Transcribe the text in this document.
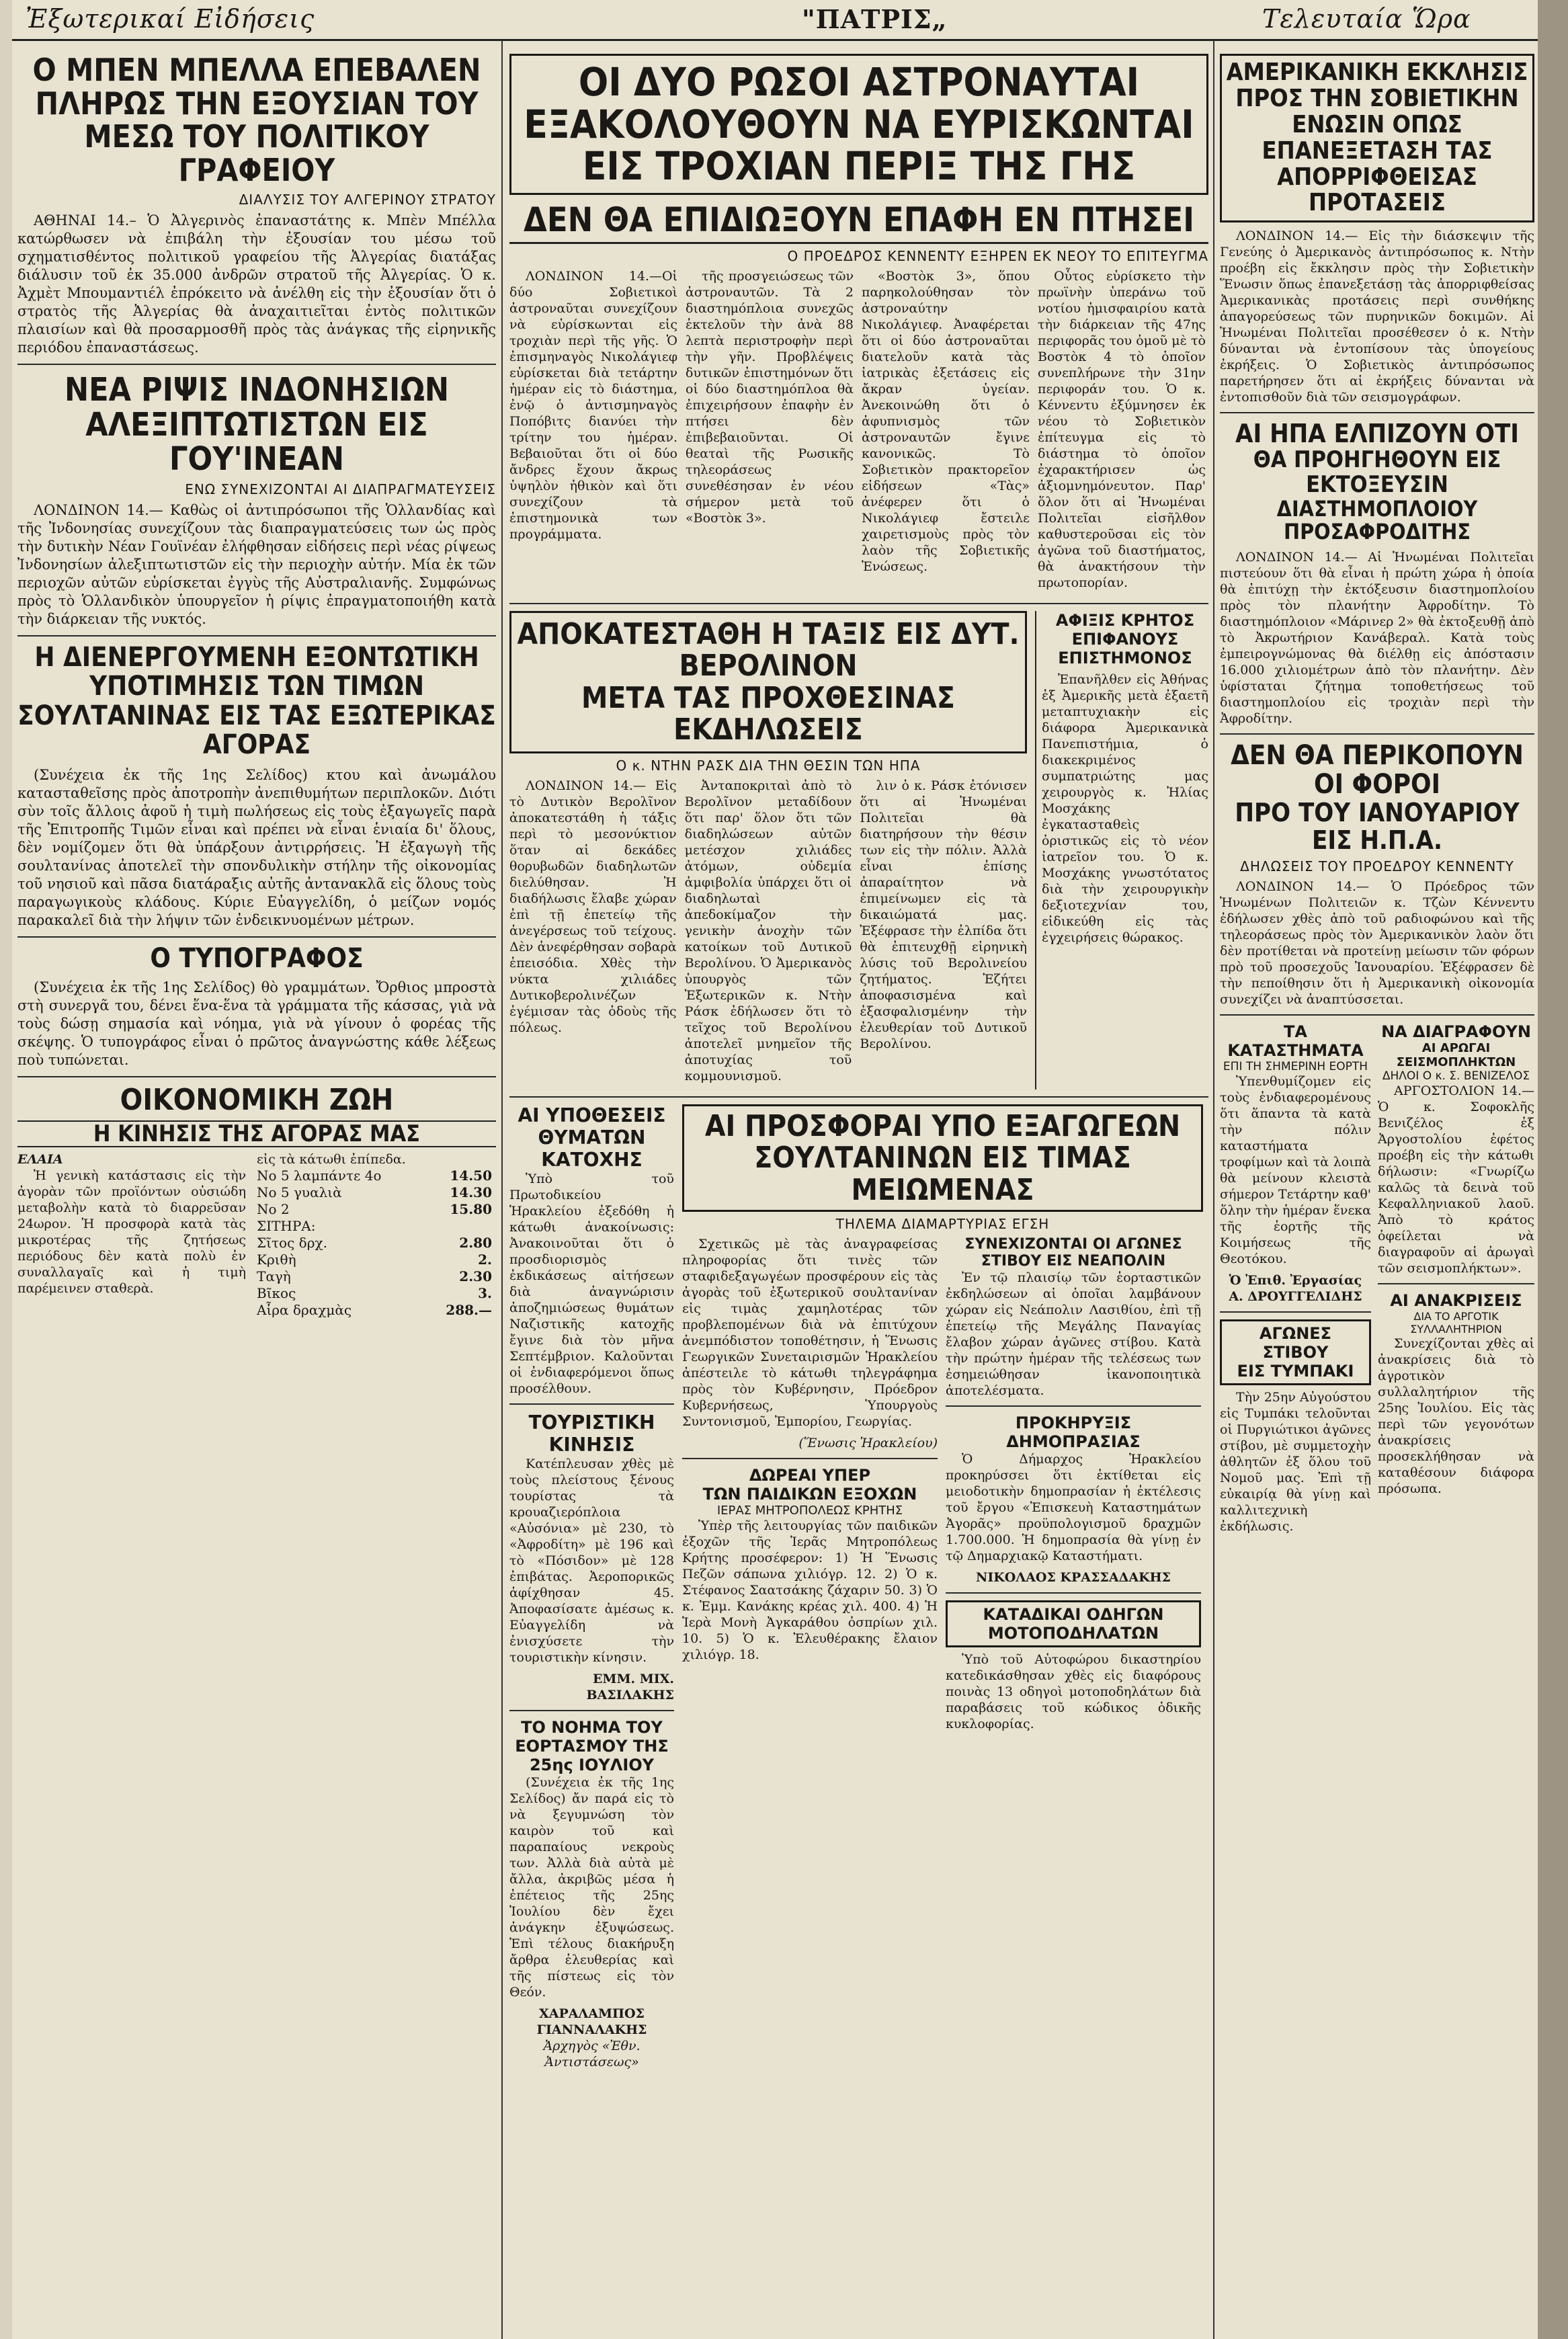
Ἐξωτερικαί Εἰδήσεις	"ΠΑΤΡΙΣ„	Τελευταία Ὥρα
Ο ΜΠΕΝ ΜΠΕΛΛΑ ΕΠΕΒΑΛΕΝ ΠΛΗΡΩΣ ΤΗΝ ΕΞΟΥΣΙΑΝ ΤΟΥ ΜΕΣΩ ΤΟΥ ΠΟΛΙΤΙΚΟΥ ΓΡΑΦΕΙΟΥ
ΔΙΑΛΥΣΙΣ ΤΟΥ ΑΛΓΕΡΙΝΟΥ ΣΤΡΑΤΟΥ

ΑΘΗΝΑΙ 14.– Ὁ Ἀλγερινὸς ἐπαναστάτης κ. Μπὲν Μπέλλα κατώρθωσεν νὰ ἐπιβάλη τὴν ἐξουσίαν του μέσω τοῦ σχηματισθέντος πολιτικοῦ γραφείου τῆς Ἀλγερίας διατάξας διάλυσιν τοῦ ἐκ 35.000 ἀνδρῶν στρατοῦ τῆς Ἀλγερίας. Ὁ κ. Ἀχμὲτ Μπουμαντιέλ ἐπρόκειτο νὰ ἀνέλθη εἰς τὴν ἐξουσίαν ὅτι ὁ στρατὸς τῆς Ἀλγερίας θὰ ἀναχαιτιεῖται ἐντὸς πολιτικῶν πλαισίων καὶ θὰ προσαρμοσθῆ πρὸς τὰς ἀνάγκας τῆς εἰρηνικῆς περιόδου ἐπαναστάσεως.

ΝΕΑ ΡΙΨΙΣ ΙΝΔΟΝΗΣΙΩΝ ΑΛΕΞΙΠΤΩΤΙΣΤΩΝ ΕΙΣ ΓΟΥ'ΙΝΕΑΝ
ΕΝΩ ΣΥΝΕΧΙΖΟΝΤΑΙ ΑΙ ΔΙΑΠΡΑΓΜΑΤΕΥΣΕΙΣ

ΛΟΝΔΙΝΟΝ 14.— Καθὼς οἱ ἀντιπρόσωποι τῆς Ὁλλανδίας καὶ τῆς Ἰνδονησίας συνεχίζουν τὰς διαπραγματεύσεις των ὡς πρὸς τὴν δυτικὴν Νέαν Γουϊνέαν ἐλήφθησαν εἰδήσεις περὶ νέας ρίψεως Ἰνδονησίων ἀλεξιπτωτιστῶν εἰς τὴν περιοχὴν αὐτήν. Μία ἐκ τῶν περιοχῶν αὐτῶν εὑρίσκεται ἐγγὺς τῆς Αὐστραλιανῆς. Συμφώνως πρὸς τὸ Ὁλλανδικὸν ὑπουργεῖον ἡ ρίψις ἐπραγματοποιήθη κατὰ τὴν διάρκειαν τῆς νυκτός.

Η ΔΙΕΝΕΡΓΟΥΜΕΝΗ ΕΞΟΝΤΩΤΙΚΗ ΥΠΟΤΙΜΗΣΙΣ ΤΩΝ ΤΙΜΩΝ ΣΟΥΛΤΑΝΙΝΑΣ ΕΙΣ ΤΑΣ ΕΞΩΤΕΡΙΚΑΣ ΑΓΟΡΑΣ

(Συνέχεια ἐκ τῆς 1ης Σελίδος) κτου καὶ ἀνωμάλου κατασταθεῖσης πρὸς ἀποτροπὴν ἀνεπιθυμήτων περιπλοκῶν. Διότι σὺν τοῖς ἄλλοις ἀφοῦ ἡ τιμὴ πωλήσεως εἰς τοὺς ἐξαγωγεῖς παρὰ τῆς Ἐπιτροπῆς Τιμῶν εἶναι καὶ πρέπει νὰ εἶναι ἑνιαία δι' ὅλους, δὲν νομίζομεν ὅτι θὰ ὑπάρξουν ἀντιρρήσεις. Ἡ ἐξαγωγὴ τῆς σουλτανίνας ἀποτελεῖ τὴν σπονδυλικὴν στήλην τῆς οἰκονομίας τοῦ νησιοῦ καὶ πᾶσα διατάραξις αὐτῆς ἀντανακλᾶ εἰς ὅλους τοὺς παραγωγικοὺς κλάδους. Κύριε Εὐαγγελίδη, ὁ μείζων νομός παρακαλεῖ διὰ τὴν λήψιν τῶν ἐνδεικνυομένων μέτρων.

Ο ΤΥΠΟΓΡΑΦΟΣ

(Συνέχεια ἐκ τῆς 1ης Σελίδος) θὸ γραμμάτων. Ὄρθιος μπροστὰ στὴ συνεργᾶ του, δένει ἕνα-ἕνα τὰ γράμματα τῆς κάσσας, γιὰ νὰ τοὺς δώσῃ σημασία καὶ νόημα, γιὰ νὰ γίνουν ὁ φορέας τῆς σκέψης. Ὁ τυπογράφος εἶναι ὁ πρῶτος ἀναγνώστης κάθε λέξεως ποὺ τυπώνεται.

ΟΙΚΟΝΟΜΙΚΗ ΖΩΗ
Η ΚΙΝΗΣΙΣ ΤΗΣ ΑΓΟΡΑΣ ΜΑΣ
ΕΛΑΙΑ

Ἡ γενικὴ κατάστασις εἰς τὴν ἀγορὰν τῶν προϊόντων οὐσιώδη μεταβολὴν κατὰ τὸ διαρρεῦσαν 24ωρον. Ἡ προσφορὰ κατὰ τὰς μικροτέρας τῆς ζητήσεως περιόδους δὲν κατὰ πολὺ ἐν συναλλαγαῖς καὶ ἡ τιμὴ παρέμεινεν σταθερὰ.

εἰς τὰ κάτωθι ἐπίπεδα.
Νο 5 λαμπάντε 4ο	14.50
Νο 5 γυαλιὰ	14.30
Νο 2	15.80
ΣΙΤΗΡΑ:
Σῖτος δρχ.	2.80
Κριθὴ	2.
Ταγὴ	2.30
Βῖκος	3.
Αἶρα δραχμὰς	288.—
ΟΙ ΔΥΟ ΡΩΣΟΙ ΑΣΤΡΟΝΑΥΤΑΙ
ΕΞΑΚΟΛΟΥΘΟΥΝ ΝΑ ΕΥΡΙΣΚΩΝΤΑΙ
ΕΙΣ ΤΡΟΧΙΑΝ ΠΕΡΙΞ ΤΗΣ ΓΗΣ
ΔΕΝ ΘΑ ΕΠΙΔΙΩΞΟΥΝ ΕΠΑΦΗ ΕΝ ΠΤΗΣΕΙ
Ο ΠΡΟΕΔΡΟΣ ΚΕΝΝΕΝΤΥ ΕΞΗΡΕΝ ΕΚ ΝΕΟΥ ΤΟ ΕΠΙΤΕΥΓΜΑ

ΛΟΝΔΙΝΟΝ 14.—Οἱ δύο Σοβιετικοὶ ἀστροναῦται συνεχίζουν νὰ εὑρίσκωνται εἰς τροχιὰν περὶ τῆς γῆς. Ὁ ἐπισμηναγὸς Νικολάγιεφ εὑρίσκεται διὰ τετάρτην ἡμέραν εἰς τὸ διάστημα, ἐνῷ ὁ ἀντισμηναγὸς Ποπόβιτς διανύει τὴν τρίτην του ἡμέραν. Βεβαιοῦται ὅτι οἱ δύο ἄνδρες ἔχουν ἄκρως ὑψηλὸν ἠθικὸν καὶ ὅτι συνεχίζουν τὰ ἐπιστημονικὰ των προγράμματα.

τῆς προσγειώσεως τῶν ἀστροναυτῶν. Τὰ 2 διαστημόπλοια συνεχῶς ἐκτελοῦν τὴν ἀνὰ 88 λεπτὰ περιστροφὴν περὶ τὴν γῆν. Προβλέψεις δυτικῶν ἐπιστημόνων ὅτι οἱ δύο διαστημόπλοα θὰ ἐπιχειρήσουν ἐπαφὴν ἐν πτήσει δὲν ἐπιβεβαιοῦνται. Οἱ θεαταὶ τῆς Ρωσικῆς τηλεοράσεως συνεθέσησαν ἐν νέου σήμερον μετὰ τοῦ «Βοστὸκ 3».

«Βοστὸκ 3», ὅπου παρηκολούθησαν τὸν ἀστροναύτην Νικολάγιεφ. Ἀναφέρεται ὅτι οἱ δύο ἀστροναῦται διατελοῦν κατὰ τὰς ἰατρικὰς ἐξετάσεις εἰς ἄκραν ὑγείαν. Ἀνεκοινώθη ὅτι ὁ ἀφυπνισμὸς τῶν ἀστροναυτῶν ἔγινε κανονικῶς. Τὸ Σοβιετικὸν πρακτορεῖον εἰδήσεων «Τὰς» ἀνέφερεν ὅτι ὁ Νικολάγιεφ ἔστειλε χαιρετισμοὺς πρὸς τὸν λαὸν τῆς Σοβιετικῆς Ἑνώσεως.

Οὗτος εὑρίσκετο τὴν πρωϊνὴν ὑπεράνω τοῦ νοτίου ἡμισφαιρίου κατὰ τὴν διάρκειαν τῆς 47ης περιφορᾶς του ὁμοῦ μὲ τὸ Βοστὸκ 4 τὸ ὁποῖον συνεπλήρωνε τὴν 31ην περιφοράν του. Ὁ κ. Κέννεντυ ἐξύμνησεν ἐκ νέου τὸ Σοβιετικὸν ἐπίτευγμα εἰς τὸ διάστημα τὸ ὁποῖον ἐχαρακτήρισεν ὡς ἀξιομνημόνευτον. Παρ' ὅλον ὅτι αἱ Ἡνωμέναι Πολιτεῖαι εἰσῆλθον καθυστεροῦσαι εἰς τὸν ἀγῶνα τοῦ διαστήματος, θὰ ἀνακτήσουν τὴν πρωτοπορίαν.

ΑΠΟΚΑΤΕΣΤΑΘΗ Η ΤΑΞΙΣ ΕΙΣ ΔΥΤ. ΒΕΡΟΛΙΝΟΝ
ΜΕΤΑ ΤΑΣ ΠΡΟΧΘΕΣΙΝΑΣ ΕΚΔΗΛΩΣΕΙΣ
Ο κ. ΝΤΗΝ ΡΑΣΚ ΔΙΑ ΤΗΝ ΘΕΣΙΝ ΤΩΝ ΗΠΑ

ΛΟΝΔΙΝΟΝ 14.— Εἰς τὸ Δυτικὸν Βερολῖνον ἀποκατεστάθη ἡ τάξις περὶ τὸ μεσονύκτιον ὅταν αἱ δεκάδες θορυβωδῶν διαδηλωτῶν διελύθησαν. Ἡ διαδήλωσις ἔλαβε χώραν ἐπὶ τῇ ἐπετείῳ τῆς ἀνεγέρσεως τοῦ τείχους. Δὲν ἀνεφέρθησαν σοβαρὰ ἐπεισόδια. Χθὲς τὴν νύκτα χιλιάδες Δυτικοβερολινέζων ἐγέμισαν τὰς ὁδοὺς τῆς πόλεως.

Ἀνταποκριταὶ ἀπὸ τὸ Βερολῖνον μεταδίδουν ὅτι παρ' ὅλον ὅτι τῶν διαδηλώσεων αὐτῶν μετέσχον χιλιάδες ἀτόμων, οὐδεμία ἀμφιβολία ὑπάρχει ὅτι οἱ διαδηλωταὶ ἀπεδοκίμαζον τὴν γενικὴν ἀνοχὴν τῶν κατοίκων τοῦ Δυτικοῦ Βερολίνου. Ὁ Ἀμερικανὸς ὑπουργὸς τῶν Ἐξωτερικῶν κ. Ντὴν Ράσκ ἐδήλωσεν ὅτι τὸ τεῖχος τοῦ Βερολίνου ἀποτελεῖ μνημεῖον τῆς ἀποτυχίας τοῦ κομμουνισμοῦ.

λιν ὁ κ. Ράσκ ἐτόνισεν ὅτι αἱ Ἡνωμέναι Πολιτεῖαι θὰ διατηρήσουν τὴν θέσιν των εἰς τὴν πόλιν. Ἀλλὰ εἶναι ἐπίσης ἀπαραίτητον νὰ ἐπιμείνωμεν εἰς τὰ δικαιώματά μας. Ἐξέφρασε τὴν ἐλπίδα ὅτι θὰ ἐπιτευχθῇ εἰρηνικὴ λύσις τοῦ Βερολινείου ζητήματος. Ἐζήτει ἀποφασισμένα καὶ ἐξασφαλισμένην τὴν ἐλευθερίαν τοῦ Δυτικοῦ Βερολίνου.

ΑΦΙΞΙΣ ΚΡΗΤΟΣ ΕΠΙΦΑΝΟΥΣ ΕΠΙΣΤΗΜΟΝΟΣ

Ἐπανῆλθεν εἰς Ἀθήνας ἐξ Ἀμερικῆς μετὰ ἐξαετῆ μεταπτυχιακὴν εἰς διάφορα Ἀμερικανικὰ Πανεπιστήμια, ὁ διακεκριμένος συμπατριώτης μας χειρουργὸς κ. Ἠλίας Μοσχάκης ἐγκατασταθεὶς ὁριστικῶς εἰς τὸ νέον ἰατρεῖον του. Ὁ κ. Μοσχάκης γνωστότατος διὰ τὴν χειρουργικὴν δεξιοτεχνίαν του, εἰδικεύθη εἰς τὰς ἐγχειρήσεις θώρακος.

ΑΙ ΥΠΟΘΕΣΕΙΣ ΘΥΜΑΤΩΝ ΚΑΤΟΧΗΣ

Ὑπὸ τοῦ Πρωτοδικείου Ἡρακλείου ἐξεδόθη ἡ κάτωθι ἀνακοίνωσις: Ἀνακοινοῦται ὅτι ὁ προσδιορισμὸς ἐκδικάσεως αἰτήσεων διὰ ἀναγνώρισιν ἀποζημιώσεως θυμάτων Ναζιστικῆς κατοχῆς ἔγινε διὰ τὸν μῆνα Σεπτέμβριον. Καλοῦνται οἱ ἐνδιαφερόμενοι ὅπως προσέλθουν.

ΤΟΥΡΙΣΤΙΚΗ ΚΙΝΗΣΙΣ

Κατέπλευσαν χθὲς μὲ τοὺς πλείστους ξένους τουρίστας τὰ κρουαζιερόπλοια «Αὐσόνια» μὲ 230, τὸ «Ἀφροδίτη» μὲ 196 καὶ τὸ «Πόσιδον» μὲ 128 ἐπιβάτας. Ἀεροπορικῶς ἀφίχθησαν 45. Ἀποφασίσατε ἀμέσως κ. Εὐαγγελίδη νὰ ἐνισχύσετε τὴν τουριστικὴν κίνησιν.

ΕΜΜ. ΜΙΧ. ΒΑΣΙΛΑΚΗΣ
ΤΟ ΝΟΗΜΑ ΤΟΥ ΕΟΡΤΑΣΜΟΥ ΤΗΣ 25ης ΙΟΥΛΙΟΥ

(Συνέχεια ἐκ τῆς 1ης Σελίδος) ἄν παρά εἰς τὸ νὰ ξεγυμνώση τὸν καιρὸν τοῦ καὶ παραπαίους νεκροὺς των. Ἀλλὰ διὰ αὐτὰ μὲ ἄλλα, ἀκριβῶς μέσα ἡ ἐπέτειος τῆς 25ης Ἰουλίου δὲν ἔχει ἀνάγκην ἐξυψώσεως. Ἐπὶ τέλους διακήρυξη ἄρθρα ἐλευθερίας καὶ τῆς πίστεως εἰς τὸν Θεόν.

ΧΑΡΑΛΑΜΠΟΣ ΓΙΑΝΝΑΛΑΚΗΣ
Ἀρχηγὸς «Ἐθν. Ἀντιστάσεως»
ΑΙ ΠΡΟΣΦΟΡΑΙ ΥΠΟ ΕΞΑΓΩΓΕΩΝ
ΣΟΥΛΤΑΝΙΝΩΝ ΕΙΣ ΤΙΜΑΣ ΜΕΙΩΜΕΝΑΣ
ΤΗΛΕΜΑ ΔΙΑΜΑΡΤΥΡΙΑΣ ΕΓΣΗ

Σχετικῶς μὲ τὰς ἀναγραφείσας πληροφορίας ὅτι τινὲς τῶν σταφιδεξαγωγέων προσφέρουν εἰς τὰς ἀγορὰς τοῦ ἐξωτερικοῦ σουλτανίναν εἰς τιμὰς χαμηλοτέρας τῶν προβλεπομένων διὰ νὰ ἐπιτύχουν ἀνεμπόδιστον τοποθέτησιν, ἡ Ἕνωσις Γεωργικῶν Συνεταιρισμῶν Ἡρακλείου ἀπέστειλε τὸ κάτωθι τηλεγράφημα πρὸς τὸν Κυβέρνησιν, Πρόεδρον Κυβερνήσεως, Ὑπουργοὺς Συντονισμοῦ, Ἐμπορίου, Γεωργίας.

(Ἕνωσις Ἡρακλείου)
ΔΩΡΕΑΙ ΥΠΕΡ
ΤΩΝ ΠΑΙΔΙΚΩΝ ΕΞΟΧΩΝ
ΙΕΡΑΣ ΜΗΤΡΟΠΟΛΕΩΣ ΚΡΗΤΗΣ

Ὑπὲρ τῆς λειτουργίας τῶν παιδικῶν ἐξοχῶν τῆς Ἱερᾶς Μητροπόλεως Κρήτης προσέφερον: 1) Ἡ Ἕνωσις Πεζῶν σάπωνα χιλιόγρ. 12. 2) Ὁ κ. Στέφανος Σαατσάκης ζάχαριν 50. 3) Ὁ κ. Ἐμμ. Κανάκης κρέας χιλ. 400. 4) Ἡ Ἱερὰ Μονὴ Ἀγκαράθου ὀσπρίων χιλ. 10. 5) Ὁ κ. Ἐλευθέρακης ἔλαιον χιλιόγρ. 18.

ΣΥΝΕΧΙΖΟΝΤΑΙ ΟΙ ΑΓΩΝΕΣ
ΣΤΙΒΟΥ ΕΙΣ ΝΕΑΠΟΛΙΝ

Ἐν τῷ πλαισίῳ τῶν ἑορταστικῶν ἐκδηλώσεων αἱ ὁποῖαι λαμβάνουν χώραν εἰς Νεάπολιν Λασιθίου, ἐπὶ τῇ ἐπετείῳ τῆς Μεγάλης Παναγίας ἔλαβον χώραν ἀγῶνες στίβου. Κατὰ τὴν πρώτην ἡμέραν τῆς τελέσεως των ἐσημειώθησαν ἱκανοποιητικὰ ἀποτελέσματα.

ΠΡΟΚΗΡΥΞΙΣ
ΔΗΜΟΠΡΑΣΙΑΣ

Ὁ Δήμαρχος Ἡρακλείου προκηρύσσει ὅτι ἐκτίθεται εἰς μειοδοτικὴν δημοπρασίαν ἡ ἐκτέλεσις τοῦ ἔργου «Ἐπισκευὴ Καταστημάτων Ἀγορᾶς» προϋπολογισμοῦ δραχμῶν 1.700.000. Ἡ δημοπρασία θὰ γίνῃ ἐν τῷ Δημαρχιακῷ Καταστήματι.

ΝΙΚΟΛΑΟΣ ΚΡΑΣΣΑΔΑΚΗΣ
ΚΑΤΑΔΙΚΑΙ ΟΔΗΓΩΝ
ΜΟΤΟΠΟΔΗΛΑΤΩΝ

Ὑπὸ τοῦ Αὐτοφώρου δικαστηρίου κατεδικάσθησαν χθὲς εἰς διαφόρους ποινὰς 13 οδηγοὶ μοτοποδηλάτων διὰ παραβάσεις τοῦ κώδικος ὁδικῆς κυκλοφορίας.

ΑΜΕΡΙΚΑΝΙΚΗ ΕΚΚΛΗΣΙΣ ΠΡΟΣ ΤΗΝ ΣΟΒΙΕΤΙΚΗΝ ΕΝΩΣΙΝ ΟΠΩΣ ΕΠΑΝΕΞΕΤΑΣΗ ΤΑΣ ΑΠΟΡΡΙΦΘΕΙΣΑΣ ΠΡΟΤΑΣΕΙΣ

ΛΟΝΔΙΝΟΝ 14.— Εἰς τὴν διάσκεψιν τῆς Γενεύης ὁ Ἀμερικανὸς ἀντιπρόσωπος κ. Ντὴν προέβη εἰς ἔκκλησιν πρὸς τὴν Σοβιετικὴν Ἕνωσιν ὅπως ἐπανεξετάσῃ τὰς ἀπορριφθείσας Ἀμερικανικὰς προτάσεις περὶ συνθήκης ἀπαγορεύσεως τῶν πυρηνικῶν δοκιμῶν. Αἱ Ἡνωμέναι Πολιτεῖαι προσέθεσεν ὁ κ. Ντὴν δύνανται νὰ ἐντοπίσουν τὰς ὑπογείους ἐκρήξεις. Ὁ Σοβιετικὸς ἀντιπρόσωπος παρετήρησεν ὅτι αἱ ἐκρήξεις δύνανται νὰ ἐντοπισθοῦν διὰ τῶν σεισμογράφων.

ΑΙ ΗΠΑ ΕΛΠΙΖΟΥΝ ΟΤΙ
ΘΑ ΠΡΟΗΓΗΘΟΥΝ ΕΙΣ ΕΚΤΟΞΕΥΣΙΝ
ΔΙΑΣΤΗΜΟΠΛΟΙΟΥ ΠΡΟΣΑΦΡΟΔΙΤΗΣ

ΛΟΝΔΙΝΟΝ 14.— Αἱ Ἡνωμέναι Πολιτεῖαι πιστεύουν ὅτι θὰ εἶναι ἡ πρώτη χώρα ἡ ὁποία θὰ ἐπιτύχῃ τὴν ἐκτόξευσιν διαστημοπλοίου πρὸς τὸν πλανήτην Ἀφροδίτην. Τὸ διαστημόπλοιον «Μάρινερ 2» θὰ ἐκτοξευθῇ ἀπὸ τὸ Ἀκρωτήριον Κανάβεραλ. Κατὰ τοὺς ἐμπειρογνώμονας θὰ διέλθῃ εἰς ἀπόστασιν 16.000 χιλιομέτρων ἀπὸ τὸν πλανήτην. Δὲν ὑφίσταται ζήτημα τοποθετήσεως τοῦ διαστημοπλοίου εἰς τροχιὰν περὶ τὴν Ἀφροδίτην.

ΔΕΝ ΘΑ ΠΕΡΙΚΟΠΟΥΝ ΟΙ ΦΟΡΟΙ
ΠΡΟ ΤΟΥ ΙΑΝΟΥΑΡΙΟΥ ΕΙΣ Η.Π.Α.
ΔΗΛΩΣΕΙΣ ΤΟΥ ΠΡΟΕΔΡΟΥ ΚΕΝΝΕΝΤΥ

ΛΟΝΔΙΝΟΝ 14.— Ὁ Πρόεδρος τῶν Ἡνωμένων Πολιτειῶν κ. Τζὼν Κέννεντυ ἐδήλωσεν χθὲς ἀπὸ τοῦ ραδιοφώνου καὶ τῆς τηλεοράσεως πρὸς τὸν Ἀμερικανικὸν λαὸν ὅτι δὲν προτίθεται νὰ προτείνῃ μείωσιν τῶν φόρων πρὸ τοῦ προσεχοῦς Ἰανουαρίου. Ἐξέφρασεν δὲ τὴν πεποίθησιν ὅτι ἡ Ἀμερικανικὴ οἰκονομία συνεχίζει νὰ ἀναπτύσσεται.

ΤΑ ΚΑΤΑΣΤΗΜΑΤΑ
ΕΠΙ ΤΗ ΣΗΜΕΡΙΝΗ ΕΟΡΤΗ

Ὑπενθυμίζομεν εἰς τοὺς ἐνδιαφερομένους ὅτι ἅπαντα τὰ κατὰ τὴν πόλιν καταστήματα τροφίμων καὶ τὰ λοιπὰ θὰ μείνουν κλειστὰ σήμερον Τετάρτην καθ' ὅλην τὴν ἡμέραν ἕνεκα τῆς ἑορτῆς τῆς Κοιμήσεως τῆς Θεοτόκου.

Ὁ Ἐπιθ. Ἐργασίας Α. ΔΡΟΥΓΓΕΛΙΔΗΣ
ΑΓΩΝΕΣ ΣΤΙΒΟΥ
ΕΙΣ ΤΥΜΠΑΚΙ

Τὴν 25ην Αὐγούστου εἰς Τυμπάκι τελοῦνται οἱ Πυργιώτικοι ἀγῶνες στίβου, μὲ συμμετοχὴν ἀθλητῶν ἐξ ὅλου τοῦ Νομοῦ μας. Ἐπὶ τῇ εὐκαιρίᾳ θὰ γίνῃ καὶ καλλιτεχνικὴ ἐκδήλωσις.

ΝΑ ΔΙΑΓΡΑΦΟΥΝ
ΑΙ ΑΡΩΓΑΙ ΣΕΙΣΜΟΠΛΗΚΤΩΝ
ΔΗΛΟΙ Ο κ. Σ. ΒΕΝΙΖΕΛΟΣ

ΑΡΓΟΣΤΟΛΙΟΝ 14.— Ὁ κ. Σοφοκλῆς Βενιζέλος ἐξ Ἀργοστολίου ἐφέτος προέβη εἰς τὴν κάτωθι δήλωσιν: «Γνωρίζω καλῶς τὰ δεινὰ τοῦ Κεφαλληνιακοῦ λαοῦ. Ἀπὸ τὸ κράτος ὀφείλεται νὰ διαγραφοῦν αἱ ἀρωγαὶ τῶν σεισμοπλήκτων».

ΑΙ ΑΝΑΚΡΙΣΕΙΣ
ΔΙΑ ΤΟ ΑΡΓΟΤΙΚ ΣΥΛΛΑΛΗΤΗΡΙΟΝ

Συνεχίζονται χθὲς αἱ ἀνακρίσεις διὰ τὸ ἀγροτικὸν συλλαλητήριον τῆς 25ης Ἰουλίου. Εἰς τὰς περὶ τῶν γεγονότων ἀνακρίσεις προσεκλήθησαν νὰ καταθέσουν διάφορα πρόσωπα.
